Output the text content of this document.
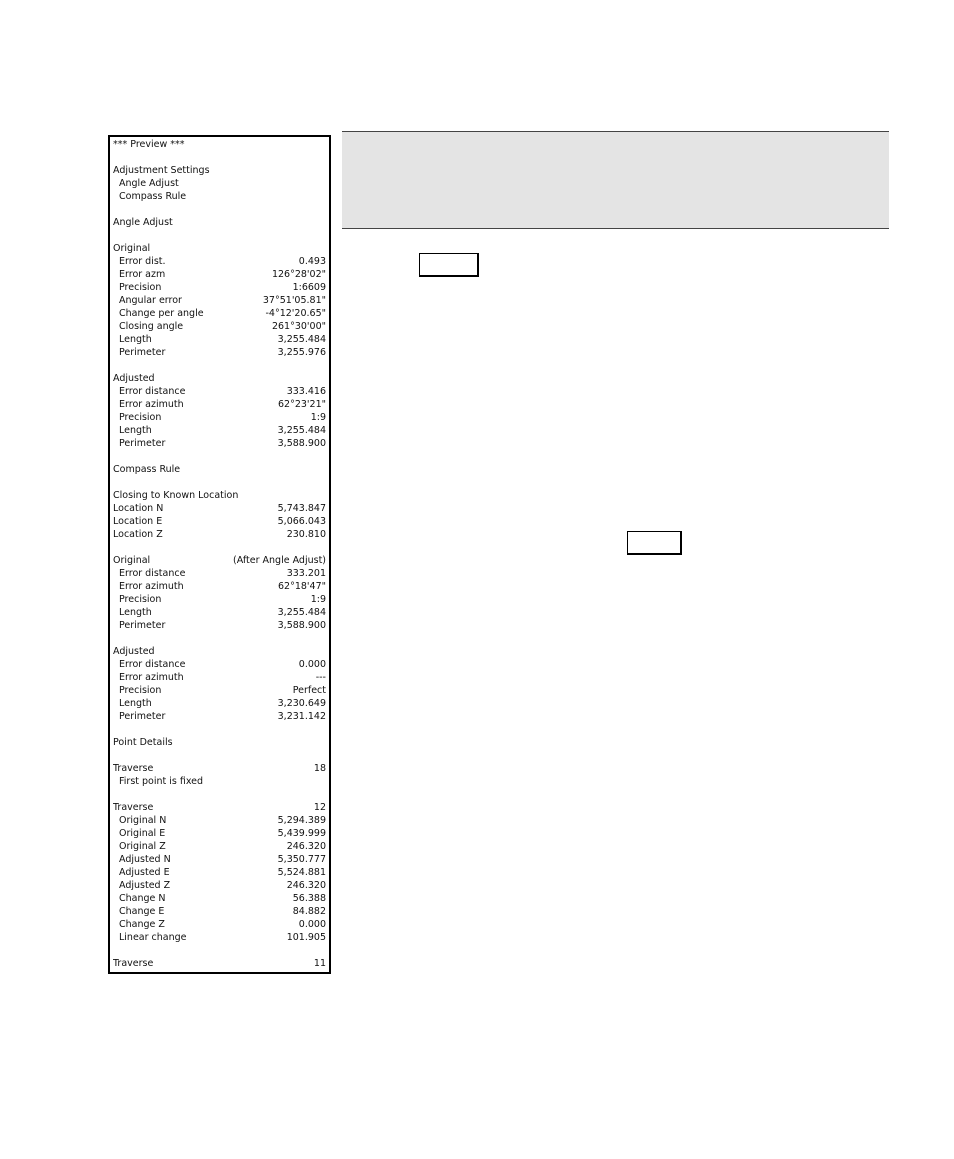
*** Preview ***
Adjustment Settings
Angle Adjust
Compass Rule
Angle Adjust
Original
Error dist.	0.493
Error azm	126°28'02"
Precision	1:6609
Angular error	37°51'05.81"
Change per angle	-4°12'20.65"
Closing angle	261°30'00"
Length	3,255.484
Perimeter	3,255.976
Adjusted
Error distance	333.416
Error azimuth	62°23'21"
Precision	1:9
Length	3,255.484
Perimeter	3,588.900
Compass Rule
Closing to Known Location
Location N	5,743.847
Location E	5,066.043
Location Z	230.810
Original	(After Angle Adjust)
Error distance	333.201
Error azimuth	62°18'47"
Precision	1:9
Length	3,255.484
Perimeter	3,588.900
Adjusted
Error distance	0.000
Error azimuth	---
Precision	Perfect
Length	3,230.649
Perimeter	3,231.142
Point Details
Traverse	18
First point is fixed
Traverse	12
Original N	5,294.389
Original E	5,439.999
Original Z	246.320
Adjusted N	5,350.777
Adjusted E	5,524.881
Adjusted Z	246.320
Change N	56.388
Change E	84.882
Change Z	0.000
Linear change	101.905
Traverse	11
